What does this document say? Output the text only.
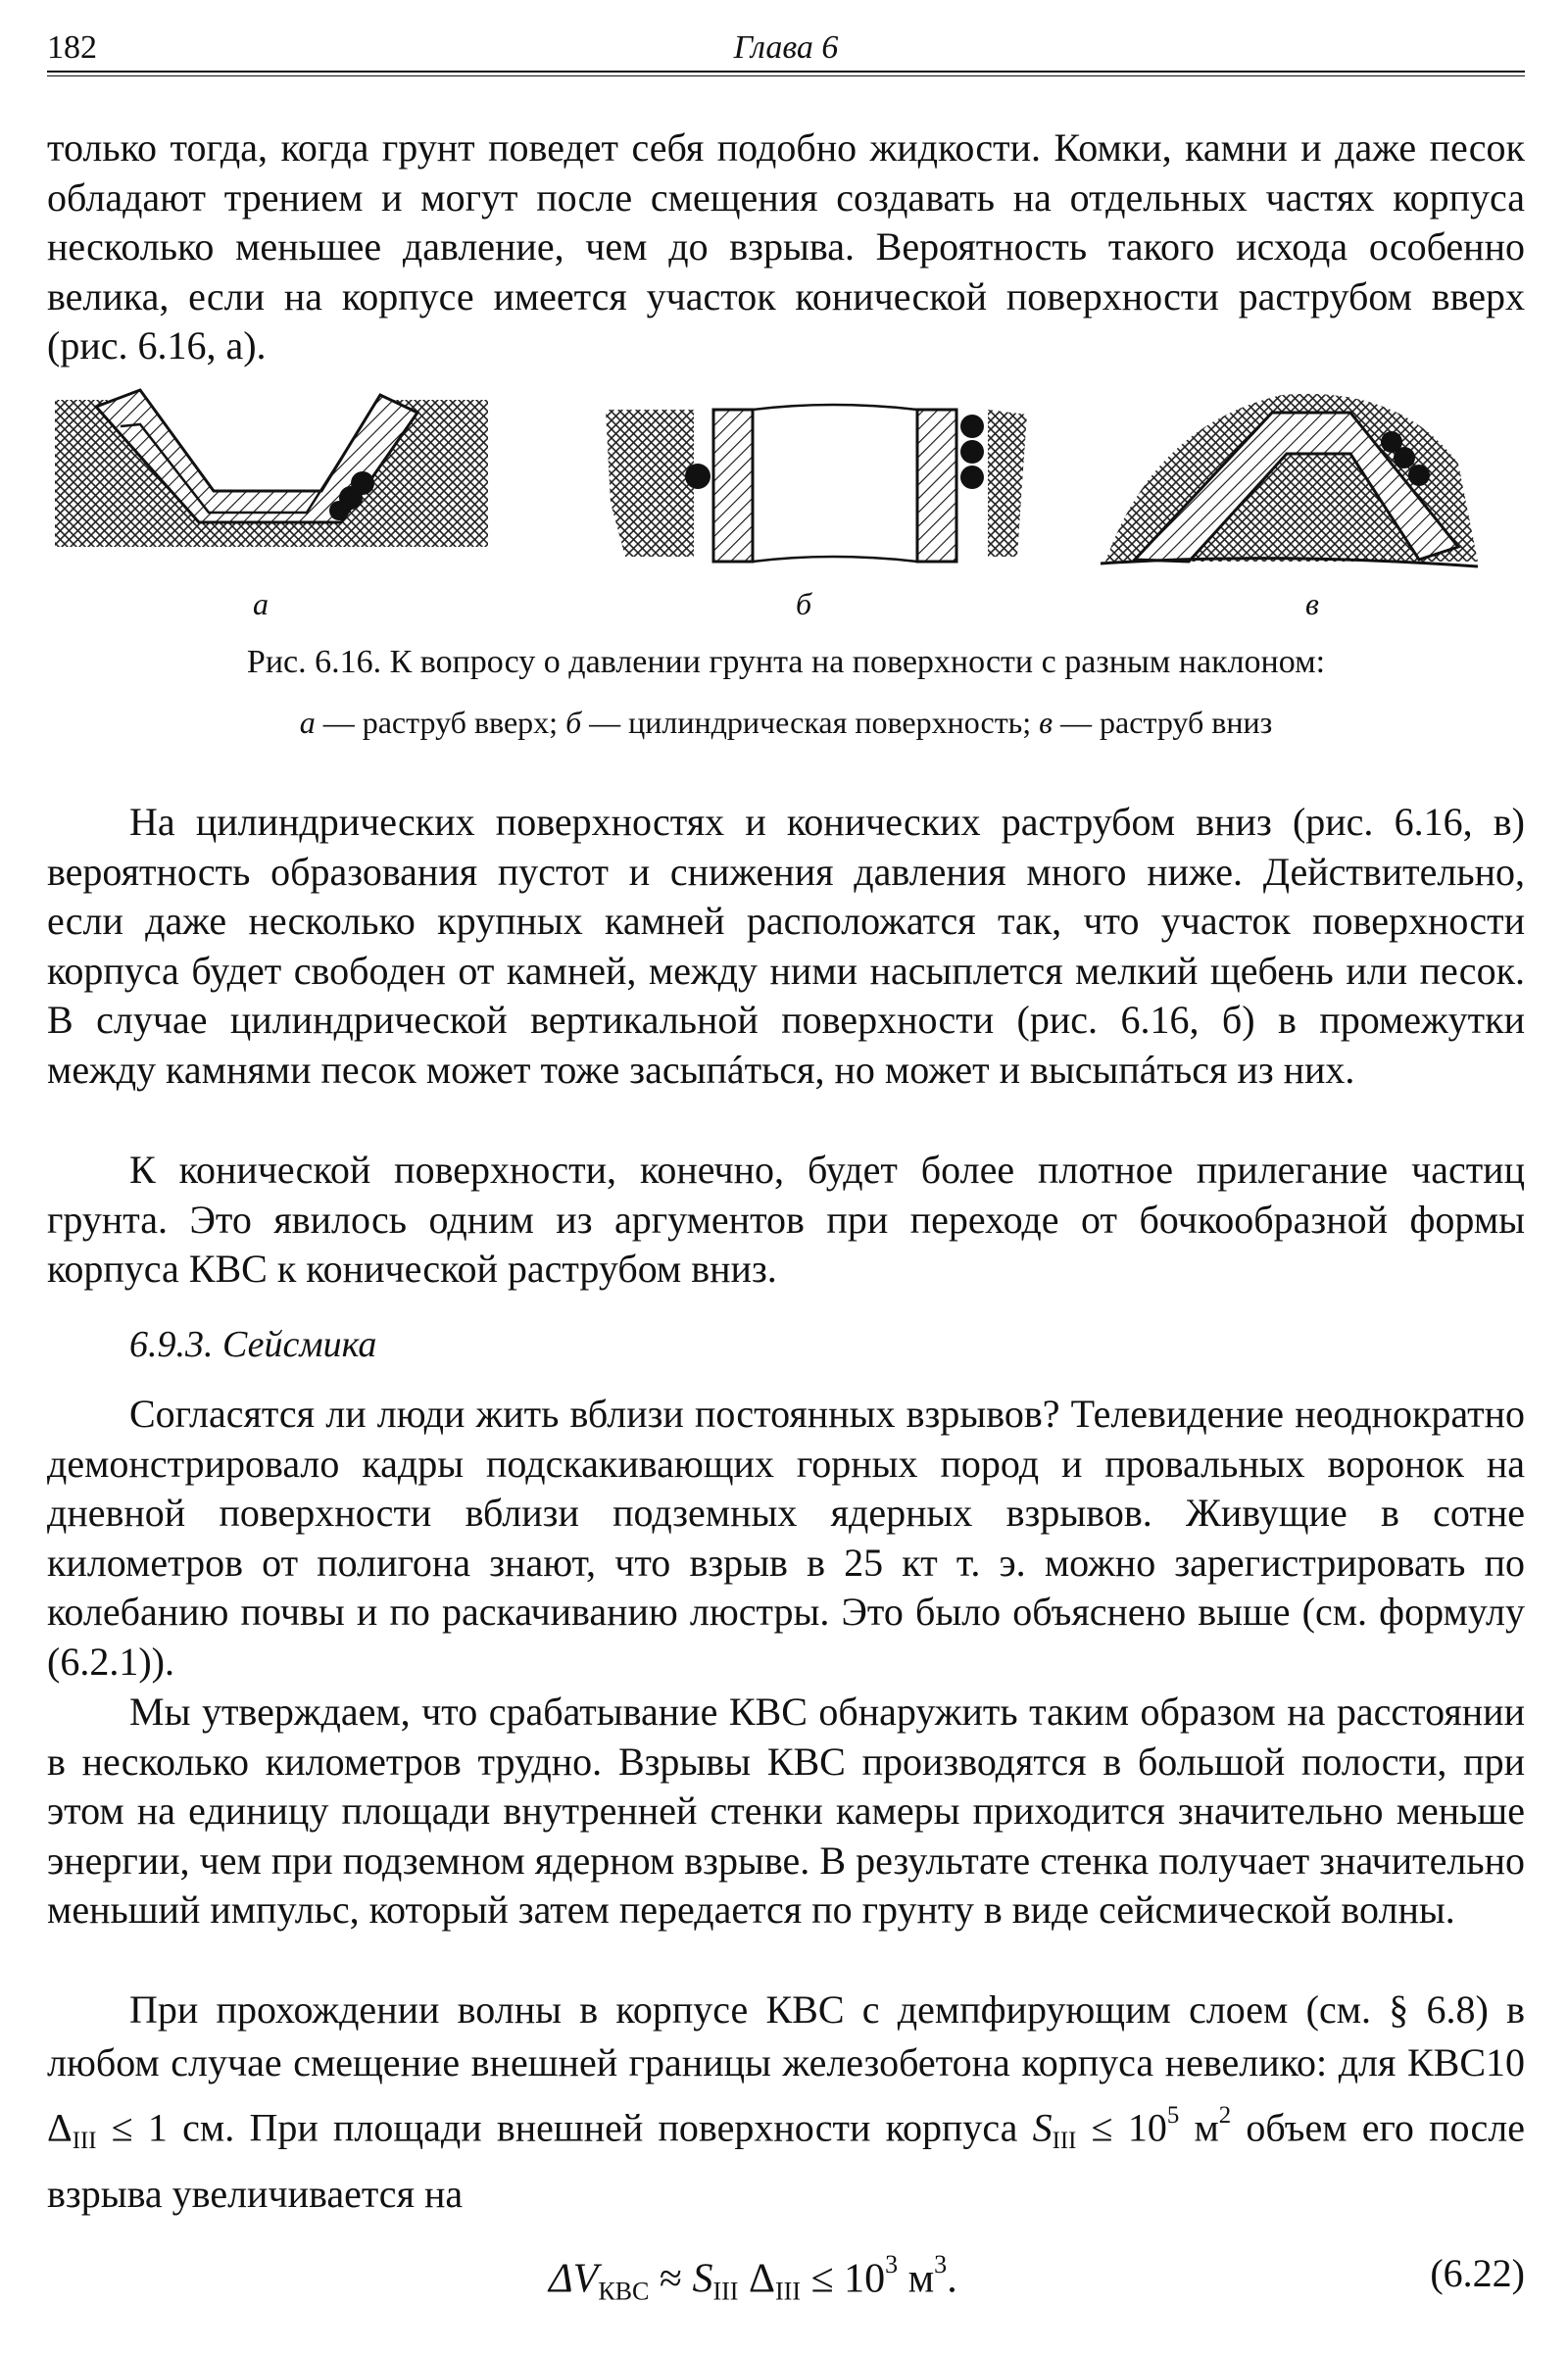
182	Глава 6

только тогда, когда грунт поведет себя подобно жидкости. Комки, камни и даже песок обладают трением и могут после смещения создавать на отдельных частях корпуса несколько меньшее давление, чем до взрыва. Вероятность такого исхода особенно велика, если на корпусе имеется участок конической поверхности раструбом вверх (рис. 6.16, а).

а	б	в
Рис. 6.16. К вопросу о давлении грунта на поверхности с разным наклоном:
а — раструб вверх; б — цилиндрическая поверхность; в — раструб вниз

На цилиндрических поверхностях и конических раструбом вниз (рис. 6.16, в) вероятность образования пустот и снижения давления много ниже. Действительно, если даже несколько крупных камней расположатся так, что участок поверхности корпуса будет свободен от камней, между ними насыплется мелкий щебень или песок. В случае цилиндрической вертикальной поверхности (рис. 6.16, б) в промежутки между камнями песок может тоже засыпáться, но может и высыпáться из них.

К конической поверхности, конечно, будет более плотное прилегание частиц грунта. Это явилось одним из аргументов при переходе от бочкообразной формы корпуса КВС к конической раструбом вниз.

6.9.3. Сейсмика

Согласятся ли люди жить вблизи постоянных взрывов? Телевидение неоднократно демонстрировало кадры подскакивающих горных пород и провальных воронок на дневной поверхности вблизи подземных ядерных взрывов. Живущие в сотне километров от полигона знают, что взрыв в 25 кт т. э. можно зарегистрировать по колебанию почвы и по раскачиванию люстры. Это было объяснено выше (см. формулу (6.2.1)).

Мы утверждаем, что срабатывание КВС обнаружить таким образом на расстоянии в несколько километров трудно. Взрывы КВС производятся в большой полости, при этом на единицу площади внутренней стенки камеры приходится значительно меньше энергии, чем при подземном ядерном взрыве. В результате стенка получает значительно меньший импульс, который затем передается по грунту в виде сейсмической волны.

При прохождении волны в корпусе КВС с демпфирующим слоем (см. § 6.8) в любом случае смещение внешней границы железобетона корпуса невелико: для КВС10 $\Delta_{III} \le 1$ см. При площади внешней поверхности корпуса $S_{III} \le 10^5$ $м^2$ объем его после взрыва увеличивается на

$\Delta V_{КВС} \approx S_{III}$ $\Delta_{III} \le 10^3$ $м^3$.	(6.22)
